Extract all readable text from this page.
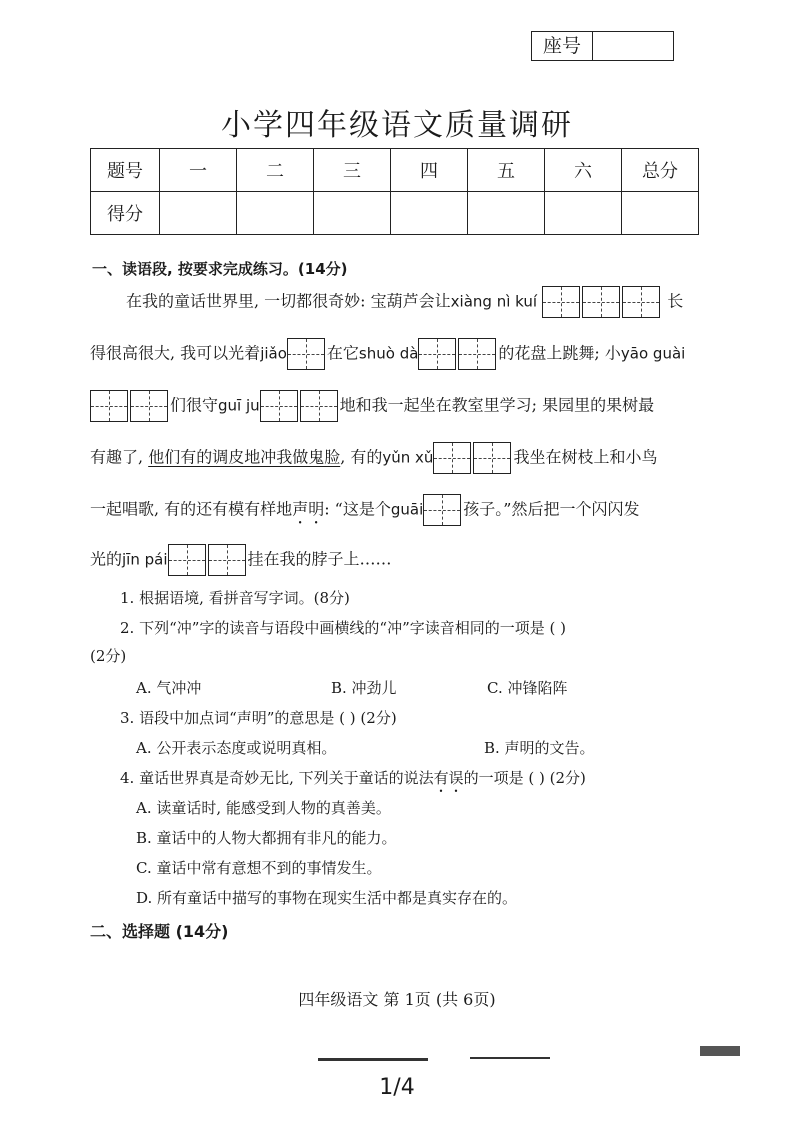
座号
小学四年级语文质量调研
题号	一	二	三	四	五	六	总分
得分							
一、读语段, 按要求完成练习。(14分)
在我的童话世界里, 一切都很奇妙: 宝葫芦会让xiàng nì kuí	长
得很高很大, 我可以光着jiǎo	在它shuò dà	的花盘上跳舞; 小yāo guài
们很守guī ju	地和我一起坐在教室里学习; 果园里的果树最
有趣了, 他们有的调皮地冲我做鬼脸, 有的yǔn xǔ	我坐在树枝上和小鸟
一起唱歌, 有的还有模有样地声明: “这是个guāi	孩子。”然后把一个闪闪发
光的jīn pái	挂在我的脖子上……
1. 根据语境, 看拼音写字词。(8分)
2. 下列“冲”字的读音与语段中画横线的“冲”字读音相同的一项是 ( )
(2分)
A. 气冲冲	B. 冲劲儿	C. 冲锋陷阵
3. 语段中加点词“声明”的意思是 ( ) (2分)
A. 公开表示态度或说明真相。	B. 声明的文告。
4. 童话世界真是奇妙无比, 下列关于童话的说法有误的一项是 ( ) (2分)
A. 读童话时, 能感受到人物的真善美。
B. 童话中的人物大都拥有非凡的能力。
C. 童话中常有意想不到的事情发生。
D. 所有童话中描写的事物在现实生活中都是真实存在的。
二、选择题 (14分)
四年级语文 第 1页 (共 6页)
1/4
